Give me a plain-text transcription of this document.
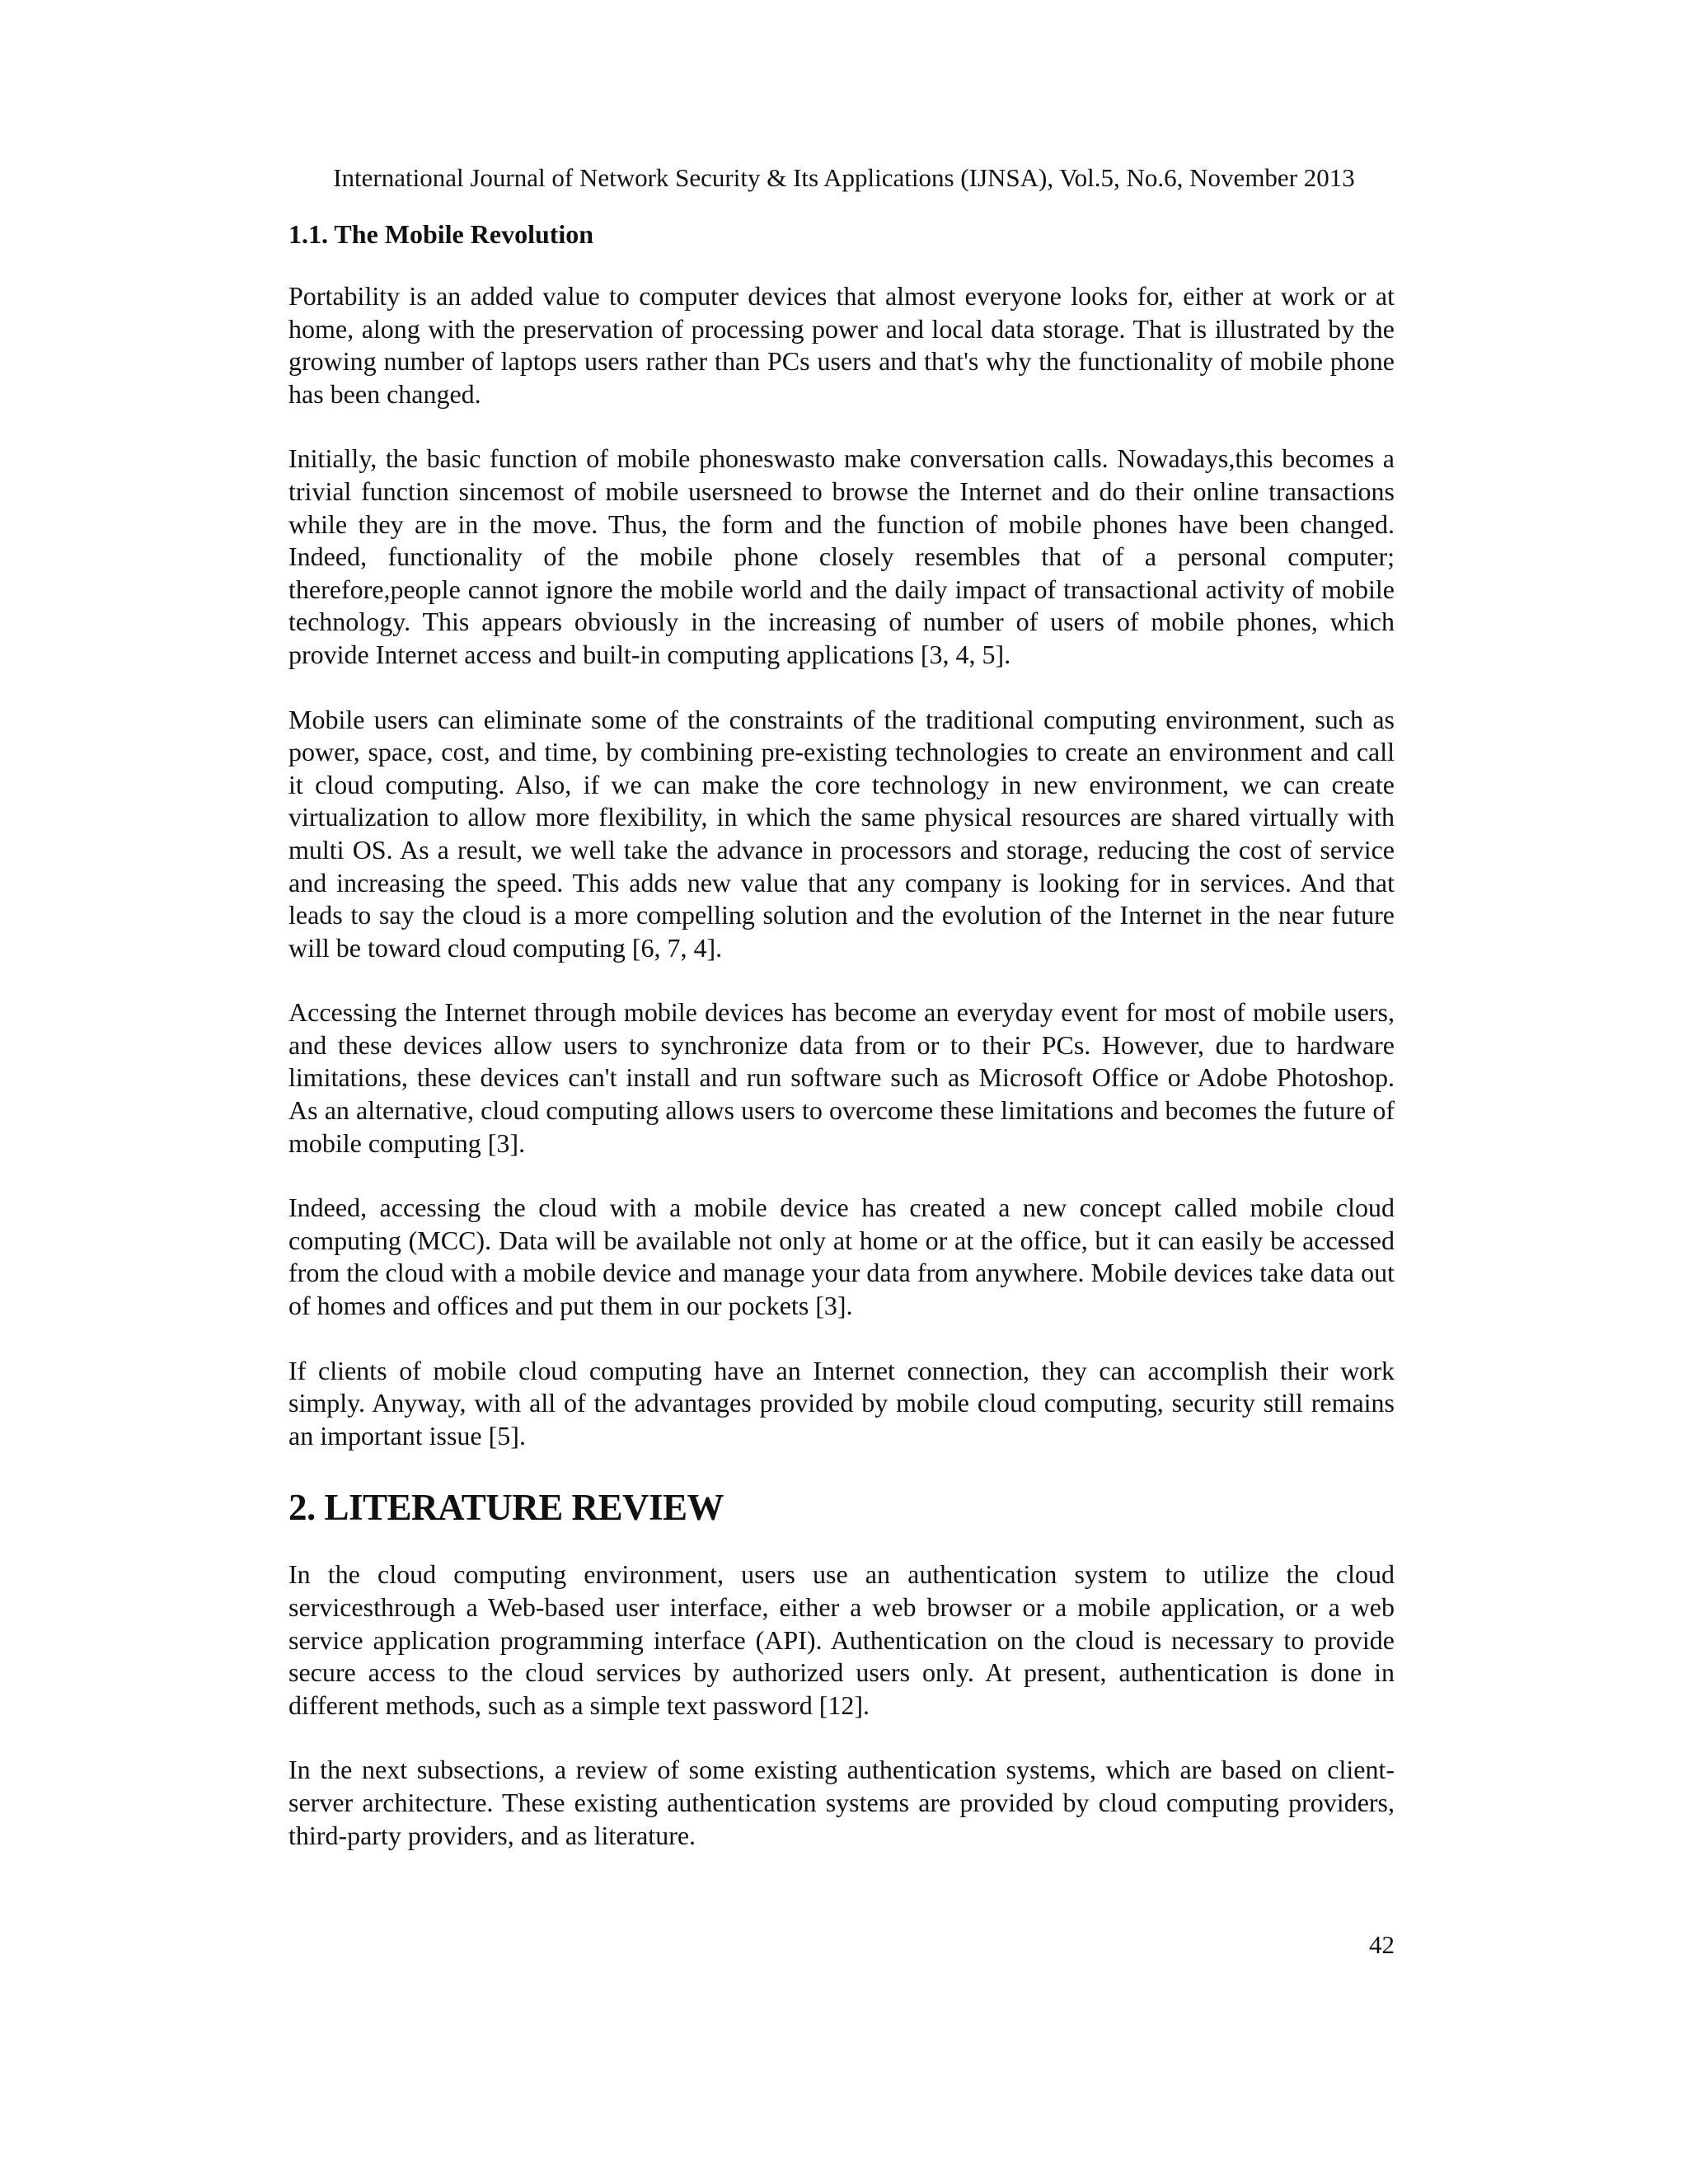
International Journal of Network Security & Its Applications (IJNSA), Vol.5, No.6, November 2013
1.1. The Mobile Revolution

Portability is an added value to computer devices that almost everyone looks for, either at work or at home, along with the preservation of processing power and local data storage. That is illustrated by the growing number of laptops users rather than PCs users and that's why the functionality of mobile phone has been changed.

Initially, the basic function of mobile phoneswasto make conversation calls. Nowadays,this becomes a trivial function sincemost of mobile usersneed to browse the Internet and do their online transactions while they are in the move. Thus, the form and the function of mobile phones have been changed. Indeed, functionality of the mobile phone closely resembles that of a personal computer; therefore,people cannot ignore the mobile world and the daily impact of transactional activity of mobile technology. This appears obviously in the increasing of number of users of mobile phones, which provide Internet access and built-in computing applications [3, 4, 5].

Mobile users can eliminate some of the constraints of the traditional computing environment, such as power, space, cost, and time, by combining pre-existing technologies to create an environment and call it cloud computing. Also, if we can make the core technology in new environment, we can create virtualization to allow more flexibility, in which the same physical resources are shared virtually with multi OS. As a result, we well take the advance in processors and storage, reducing the cost of service and increasing the speed. This adds new value that any company is looking for in services. And that leads to say the cloud is a more compelling solution and the evolution of the Internet in the near future will be toward cloud computing [6, 7, 4].

Accessing the Internet through mobile devices has become an everyday event for most of mobile users, and these devices allow users to synchronize data from or to their PCs. However, due to hardware limitations, these devices can't install and run software such as Microsoft Office or Adobe Photoshop. As an alternative, cloud computing allows users to overcome these limitations and becomes the future of mobile computing [3].

Indeed, accessing the cloud with a mobile device has created a new concept called mobile cloud computing (MCC). Data will be available not only at home or at the office, but it can easily be accessed from the cloud with a mobile device and manage your data from anywhere. Mobile devices take data out of homes and offices and put them in our pockets [3].

If clients of mobile cloud computing have an Internet connection, they can accomplish their work simply. Anyway, with all of the advantages provided by mobile cloud computing, security still remains an important issue [5].

2. LITERATURE REVIEW

In the cloud computing environment, users use an authentication system to utilize the cloud servicesthrough a Web-based user interface, either a web browser or a mobile application, or a web service application programming interface (API). Authentication on the cloud is necessary to provide secure access to the cloud services by authorized users only. At present, authentication is done in different methods, such as a simple text password [12].

In the next subsections, a review of some existing authentication systems, which are based on client-server architecture. These existing authentication systems are provided by cloud computing providers, third-party providers, and as literature.

42
